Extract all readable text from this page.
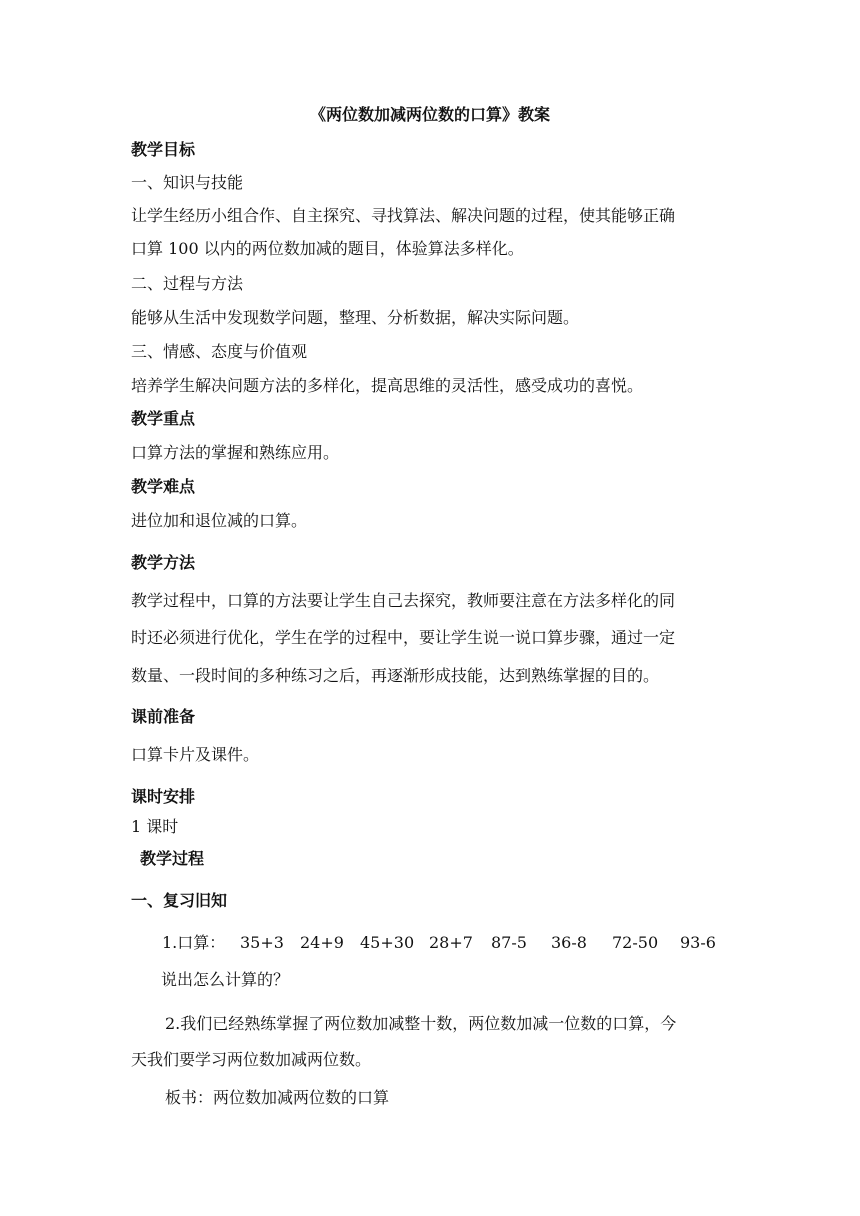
《两位数加减两位数的口算》教案
教学目标
一、知识与技能
让学生经历小组合作、自主探究、寻找算法、解决问题的过程，使其能够正确
口算 100 以内的两位数加减的题目，体验算法多样化。
二、过程与方法
能够从生活中发现数学问题，整理、分析数据，解决实际问题。
三、情感、态度与价值观
培养学生解决问题方法的多样化，提高思维的灵活性，感受成功的喜悦。
教学重点
口算方法的掌握和熟练应用。
教学难点
进位加和退位减的口算。
教学方法
教学过程中，口算的方法要让学生自己去探究，教师要注意在方法多样化的同
时还必须进行优化，学生在学的过程中，要让学生说一说口算步骤，通过一定
数量、一段时间的多种练习之后，再逐渐形成技能，达到熟练掌握的目的。
课前准备
口算卡片及课件。
课时安排
1 课时
教学过程
一、复习旧知
1.口算： 35+3 24+9 45+30 28+7 87-5 36-8 72-50 93-6
说出怎么计算的？
2.我们已经熟练掌握了两位数加减整十数，两位数加减一位数的口算，今
天我们要学习两位数加减两位数。
板书：两位数加减两位数的口算
